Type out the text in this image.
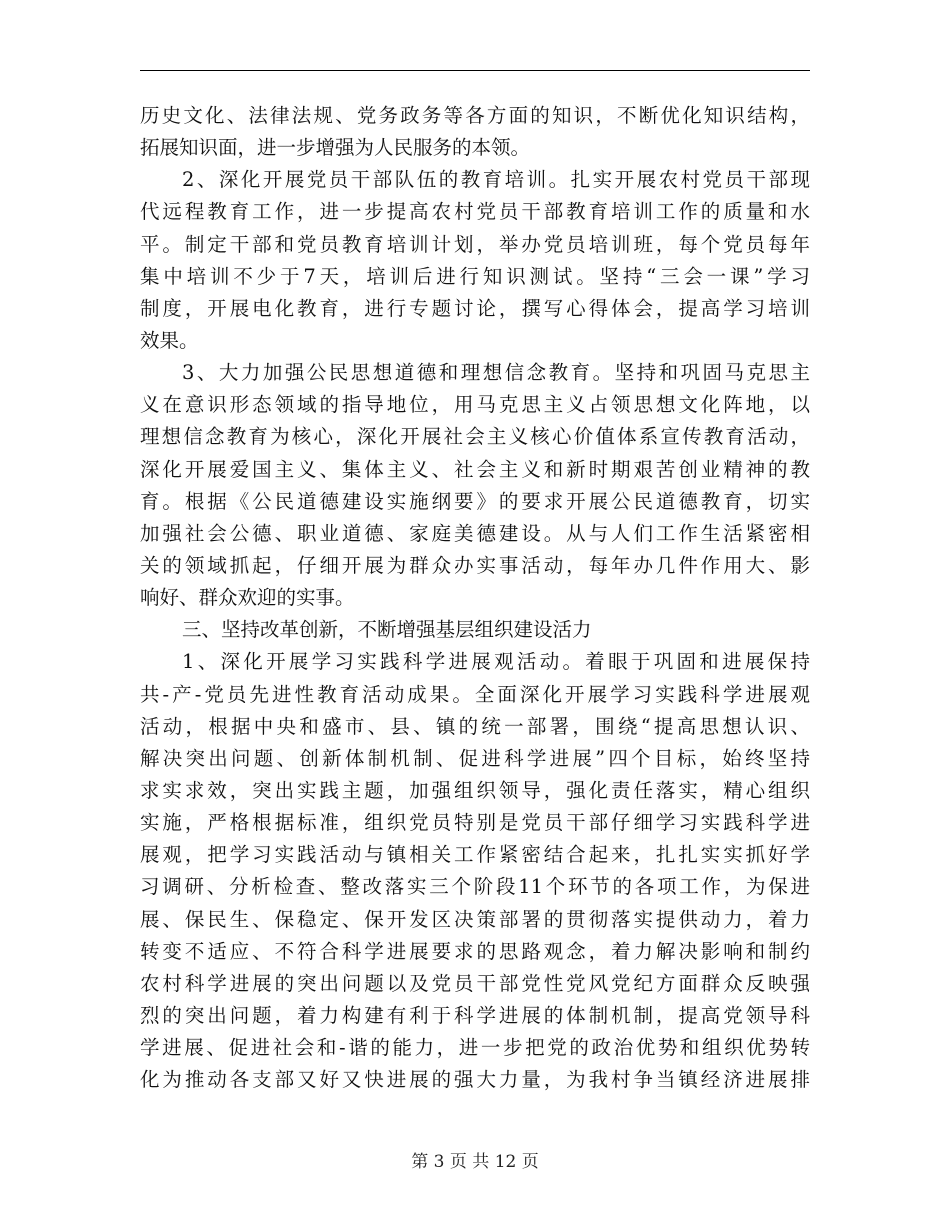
历史文化、法律法规、党务政务等各方面的知识，不断优化知识结构，
拓展知识面，进一步增强为人民服务的本领。
2、深化开展党员干部队伍的教育培训。扎实开展农村党员干部现
代远程教育工作，进一步提高农村党员干部教育培训工作的质量和水
平。制定干部和党员教育培训计划，举办党员培训班，每个党员每年
集中培训不少于7天，培训后进行知识测试。坚持“三会一课”学习
制度，开展电化教育，进行专题讨论，撰写心得体会，提高学习培训
效果。
3、大力加强公民思想道德和理想信念教育。坚持和巩固马克思主
义在意识形态领域的指导地位，用马克思主义占领思想文化阵地，以
理想信念教育为核心，深化开展社会主义核心价值体系宣传教育活动，
深化开展爱国主义、集体主义、社会主义和新时期艰苦创业精神的教
育。根据《公民道德建设实施纲要》的要求开展公民道德教育，切实
加强社会公德、职业道德、家庭美德建设。从与人们工作生活紧密相
关的领域抓起，仔细开展为群众办实事活动，每年办几件作用大、影
响好、群众欢迎的实事。
三、坚持改革创新，不断增强基层组织建设活力
1、深化开展学习实践科学进展观活动。着眼于巩固和进展保持
共-产-党员先进性教育活动成果。全面深化开展学习实践科学进展观
活动，根据中央和盛市、县、镇的统一部署，围绕“提高思想认识、
解决突出问题、创新体制机制、促进科学进展”四个目标，始终坚持
求实求效，突出实践主题，加强组织领导，强化责任落实，精心组织
实施，严格根据标准，组织党员特别是党员干部仔细学习实践科学进
展观，把学习实践活动与镇相关工作紧密结合起来，扎扎实实抓好学
习调研、分析检查、整改落实三个阶段11个环节的各项工作，为保进
展、保民生、保稳定、保开发区决策部署的贯彻落实提供动力，着力
转变不适应、不符合科学进展要求的思路观念，着力解决影响和制约
农村科学进展的突出问题以及党员干部党性党风党纪方面群众反映强
烈的突出问题，着力构建有利于科学进展的体制机制，提高党领导科
学进展、促进社会和-谐的能力，进一步把党的政治优势和组织优势转
化为推动各支部又好又快进展的强大力量，为我村争当镇经济进展排
第 3 页 共 12 页
